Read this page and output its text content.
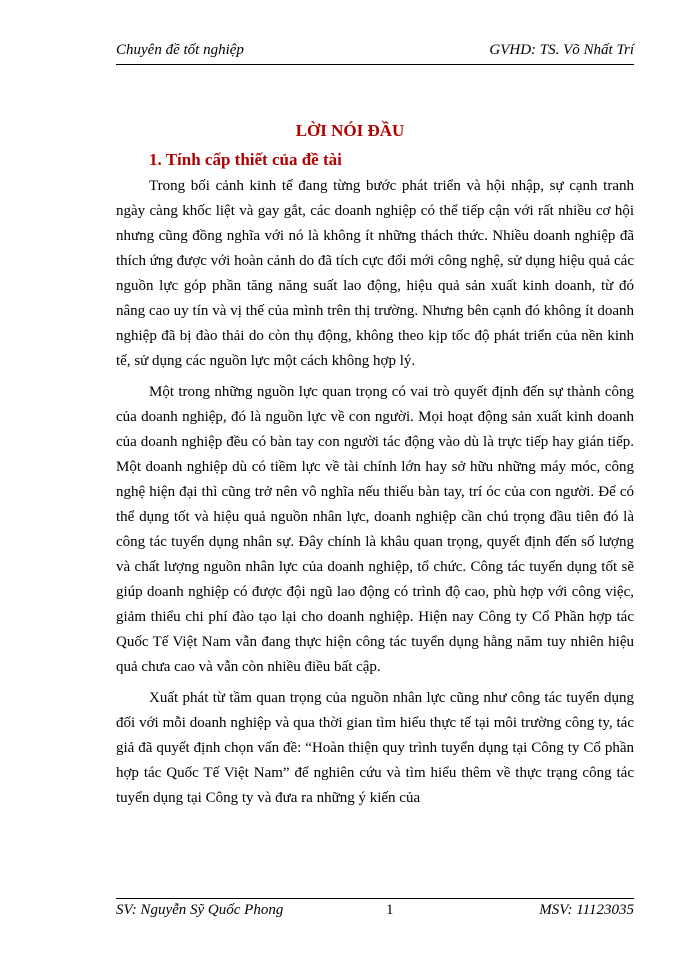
Chuyên đề tốt nghiệp	GVHD: TS. Võ Nhất Trí
LỜI NÓI ĐẦU
1. Tính cấp thiết của đề tài

Trong bối cảnh kinh tế đang từng bước phát triển và hội nhập, sự cạnh tranh ngày càng khốc liệt và gay gắt, các doanh nghiệp có thể tiếp cận với rất nhiều cơ hội nhưng cũng đồng nghĩa với nó là không ít những thách thức. Nhiều doanh nghiệp đã thích ứng được với hoàn cảnh do đã tích cực đổi mới công nghệ, sử dụng hiệu quả các nguồn lực góp phần tăng năng suất lao động, hiệu quả sản xuất kinh doanh, từ đó nâng cao uy tín và vị thế của mình trên thị trường. Nhưng bên cạnh đó không ít doanh nghiệp đã bị đào thải do còn thụ động, không theo kịp tốc độ phát triển của nền kinh tế, sử dụng các nguồn lực một cách không hợp lý.

Một trong những nguồn lực quan trọng có vai trò quyết định đến sự thành công của doanh nghiệp, đó là nguồn lực về con người. Mọi hoạt động sản xuất kinh doanh của doanh nghiệp đều có bàn tay con người tác động vào dù là trực tiếp hay gián tiếp. Một doanh nghiệp dù có tiềm lực về tài chính lớn hay sở hữu những máy móc, công nghệ hiện đại thì cũng trở nên vô nghĩa nếu thiếu bàn tay, trí óc của con người. Để có thể dụng tốt và hiệu quả nguồn nhân lực, doanh nghiệp cần chú trọng đầu tiên đó là công tác tuyển dụng nhân sự. Đây chính là khâu quan trọng, quyết định đến số lượng và chất lượng nguồn nhân lực của doanh nghiệp, tổ chức. Công tác tuyển dụng tốt sẽ giúp doanh nghiệp có được đội ngũ lao động có trình độ cao, phù hợp với công việc, giảm thiểu chi phí đào tạo lại cho doanh nghiệp. Hiện nay Công ty Cổ Phần hợp tác Quốc Tế Việt Nam vẫn đang thực hiện công tác tuyển dụng hằng năm tuy nhiên hiệu quả chưa cao và vẫn còn nhiều điều bất cập.

Xuất phát từ tầm quan trọng của nguồn nhân lực cũng như công tác tuyển dụng đối với mỗi doanh nghiệp và qua thời gian tìm hiểu thực tế tại môi trường công ty, tác giả đã quyết định chọn vấn đề: “Hoàn thiện quy trình tuyển dụng tại Công ty Cổ phần hợp tác Quốc Tế Việt Nam” để nghiên cứu và tìm hiểu thêm về thực trạng công tác tuyển dụng tại Công ty và đưa ra những ý kiến của

SV: Nguyễn Sỹ Quốc Phong	1	MSV: 11123035
